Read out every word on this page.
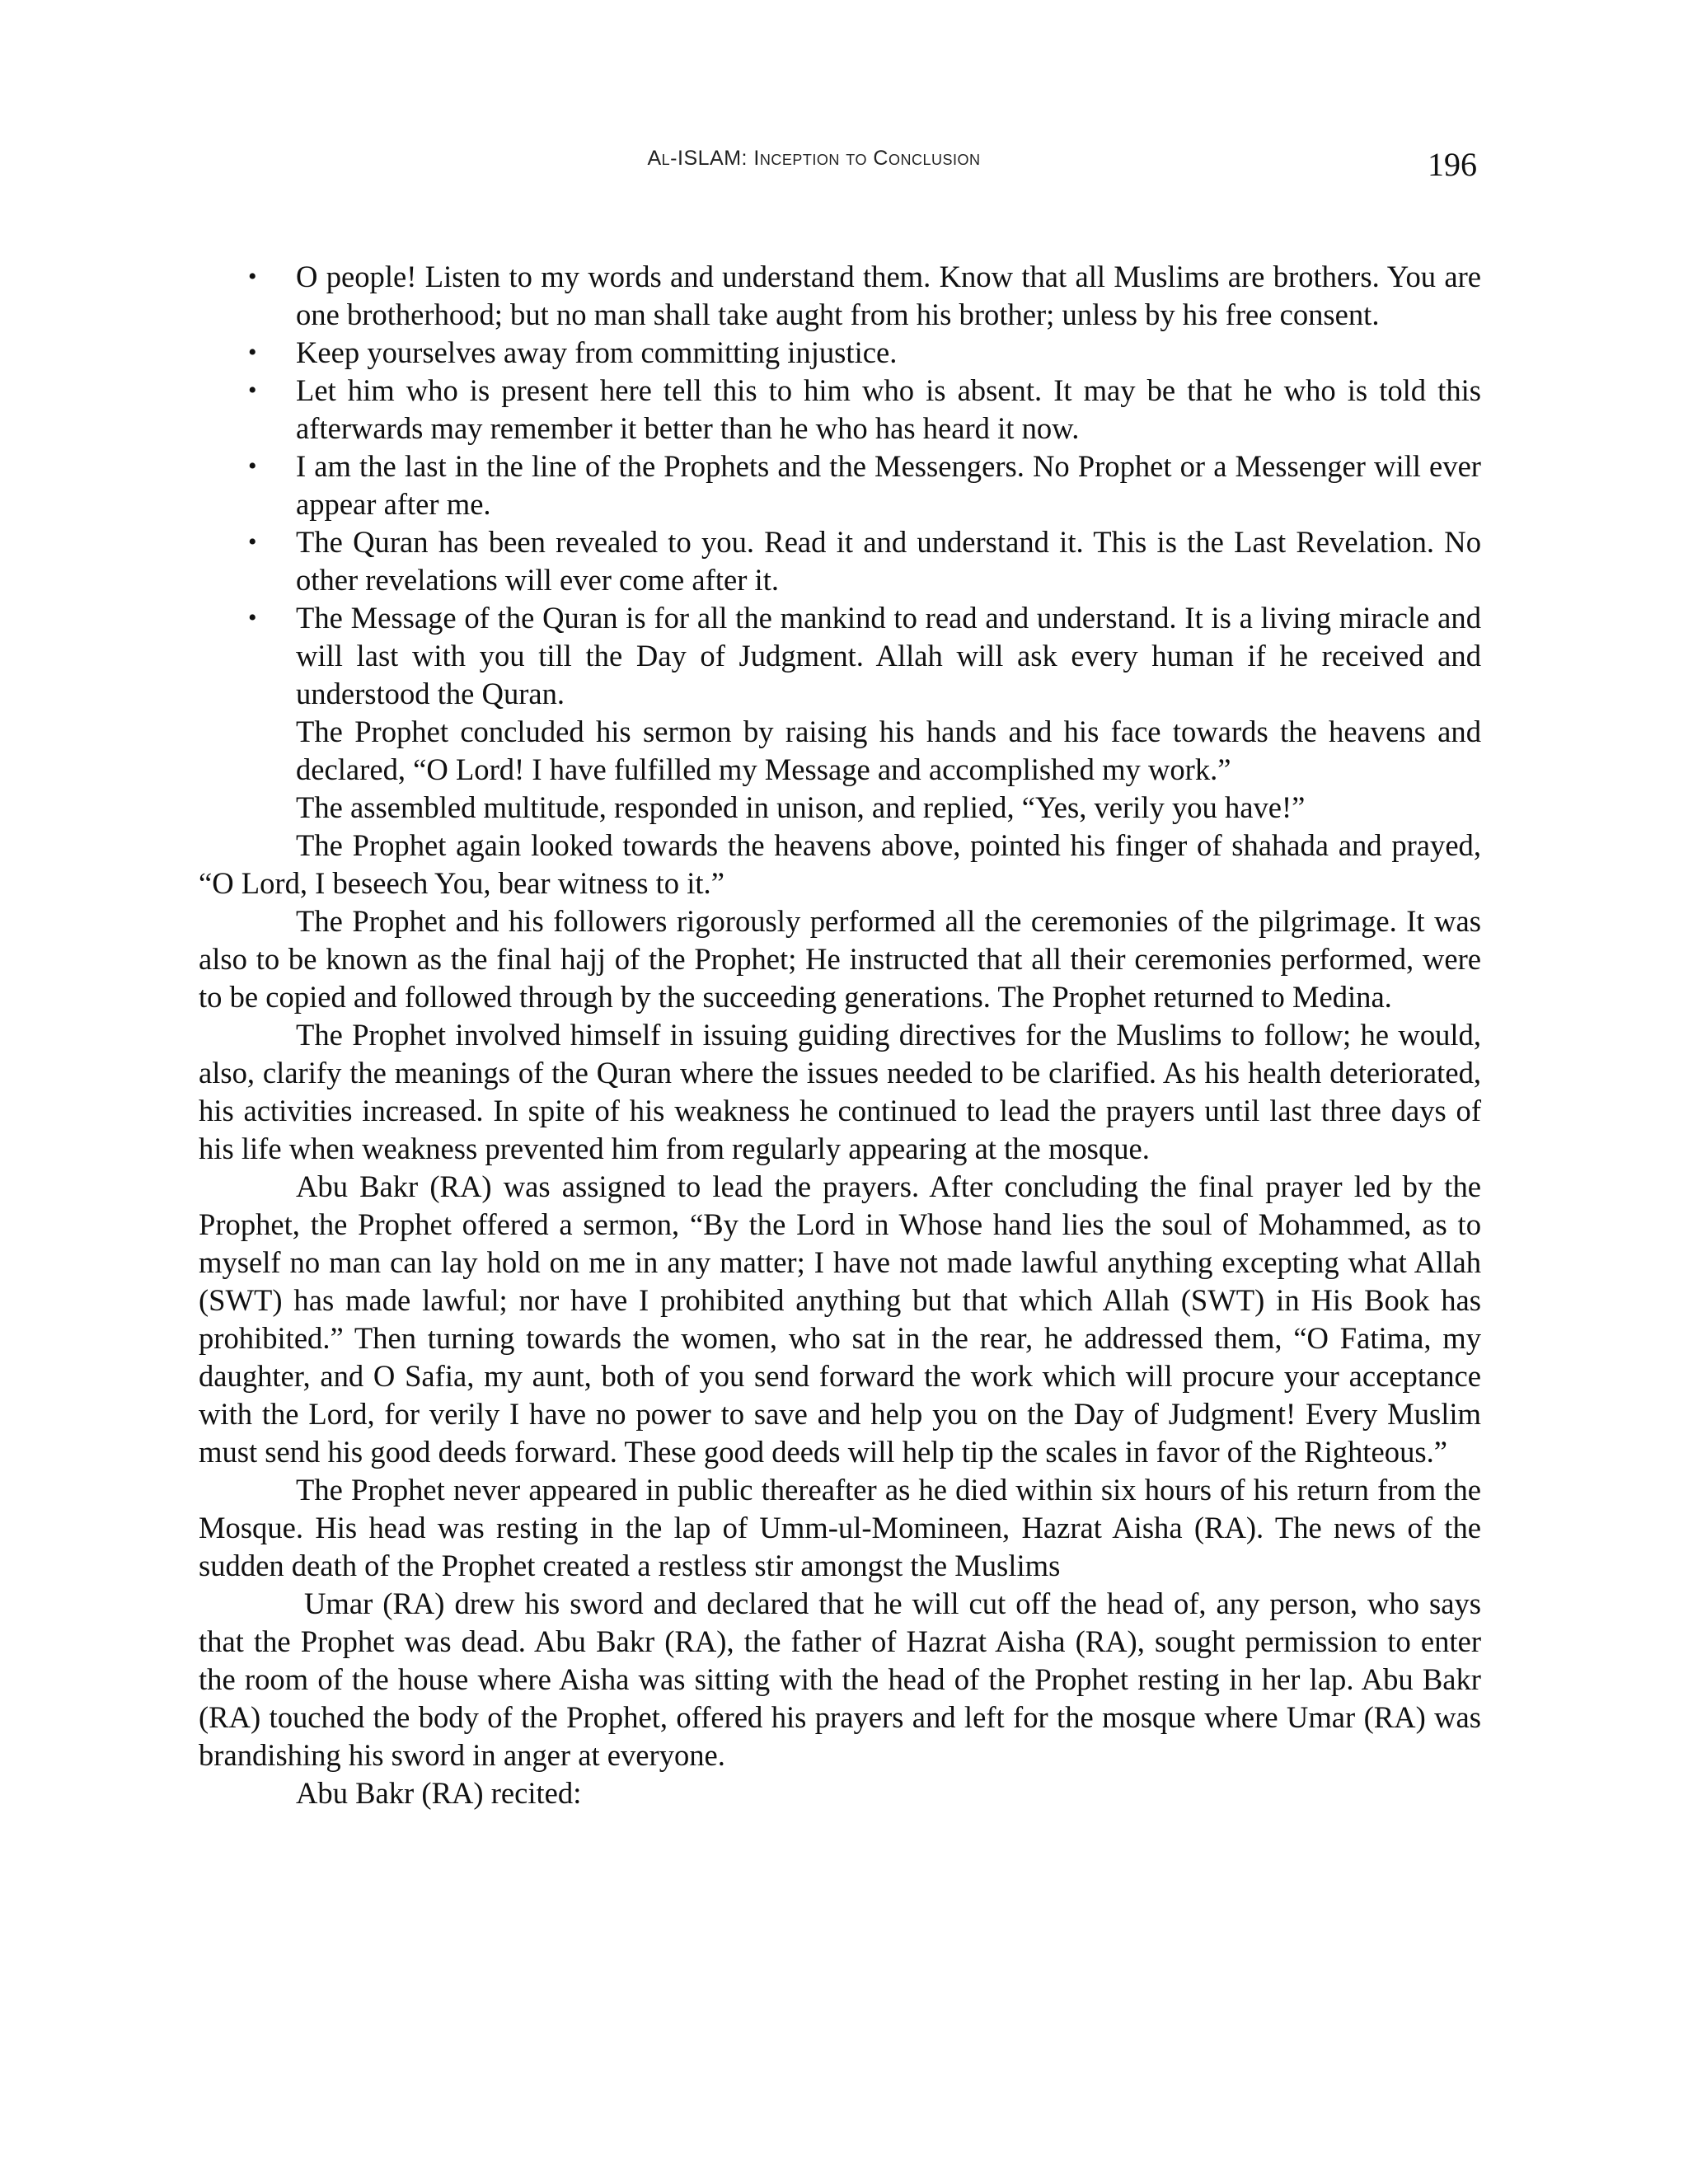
Al-ISLAM: Inception to Conclusion	196
• O people! Listen to my words and understand them. Know that all Muslims are brothers. You are one brotherhood; but no man shall take aught from his brother; unless by his free consent.
• Keep yourselves away from committing injustice.
• Let him who is present here tell this to him who is absent. It may be that he who is told this afterwards may remember it better than he who has heard it now.
• I am the last in the line of the Prophets and the Messengers. No Prophet or a Messenger will ever appear after me.
• The Quran has been revealed to you. Read it and understand it. This is the Last Revelation. No other revelations will ever come after it.
• The Message of the Quran is for all the mankind to read and understand. It is a living miracle and will last with you till the Day of Judgment. Allah will ask every human if he received and understood the Quran.

The Prophet concluded his sermon by raising his hands and his face towards the heavens and declared, “O Lord! I have fulfilled my Message and accomplished my work.”

The assembled multitude, responded in unison, and replied, “Yes, verily you have!”

The Prophet again looked towards the heavens above, pointed his finger of shahada and prayed, “O Lord, I beseech You, bear witness to it.”

The Prophet and his followers rigorously performed all the ceremonies of the pilgrimage. It was also to be known as the final hajj of the Prophet; He instructed that all their ceremonies performed, were to be copied and followed through by the succeeding generations. The Prophet returned to Medina.

The Prophet involved himself in issuing guiding directives for the Muslims to follow; he would, also, clarify the meanings of the Quran where the issues needed to be clarified. As his health deteriorated, his activities increased. In spite of his weakness he continued to lead the prayers until last three days of his life when weakness prevented him from regularly appearing at the mosque.

Abu Bakr (RA) was assigned to lead the prayers. After concluding the final prayer led by the Prophet, the Prophet offered a sermon, “By the Lord in Whose hand lies the soul of Mohammed, as to myself no man can lay hold on me in any matter; I have not made lawful anything excepting what Allah (SWT) has made lawful; nor have I prohibited anything but that which Allah (SWT) in His Book has prohibited.” Then turning towards the women, who sat in the rear, he addressed them, “O Fatima, my daughter, and O Safia, my aunt, both of you send forward the work which will procure your acceptance with the Lord, for verily I have no power to save and help you on the Day of Judgment! Every Muslim must send his good deeds forward. These good deeds will help tip the scales in favor of the Righteous.”

The Prophet never appeared in public thereafter as he died within six hours of his return from the Mosque. His head was resting in the lap of Umm-ul-Momineen, Hazrat Aisha (RA). The news of the sudden death of the Prophet created a restless stir amongst the Muslims

Umar (RA) drew his sword and declared that he will cut off the head of, any person, who says that the Prophet was dead. Abu Bakr (RA), the father of Hazrat Aisha (RA), sought permission to enter the room of the house where Aisha was sitting with the head of the Prophet resting in her lap. Abu Bakr (RA) touched the body of the Prophet, offered his prayers and left for the mosque where Umar (RA) was brandishing his sword in anger at everyone.

Abu Bakr (RA) recited:
